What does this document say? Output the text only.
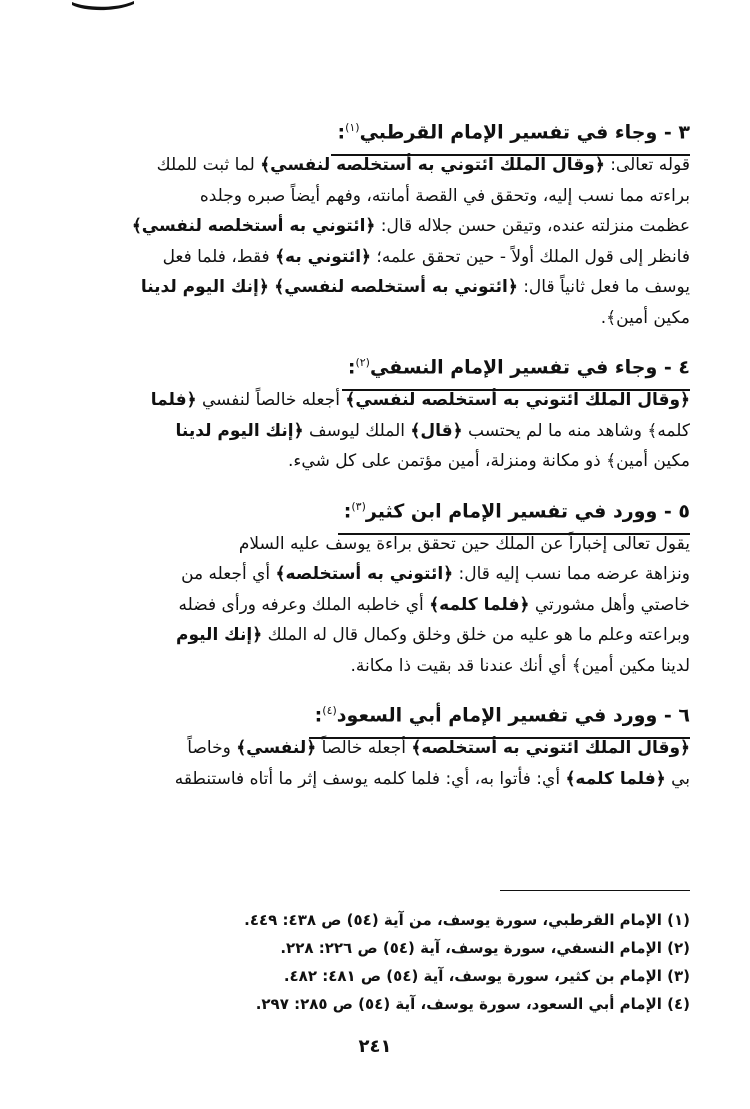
٣ - وجاء في تفسير الإمام القرطبي$^{(١)}$:

قوله تعالى: ﴿وقال الملك ائتوني به أستخلصه لنفسي﴾ لما ثبت للملك
براءته مما نسب إليه، وتحقق في القصة أمانته، وفهم أيضاً صبره وجلده
عظمت منزلته عنده، وتيقن حسن جلاله قال: ﴿ائتوني به أستخلصه لنفسي﴾
فانظر إلى قول الملك أولاً - حين تحقق علمه؛ ﴿ائتوني به﴾ فقط، فلما فعل
يوسف ما فعل ثانياً قال: ﴿ائتوني به أستخلصه لنفسي﴾ ﴿إنك اليوم لدينا
مكين أمين﴾.

٤ - وجاء في تفسير الإمام النسفي$^{(٢)}$:

﴿وقال الملك ائتوني به أستخلصه لنفسي﴾ أجعله خالصاً لنفسي ﴿فلما
كلمه﴾ وشاهد منه ما لم يحتسب ﴿قال﴾ الملك ليوسف ﴿إنك اليوم لدينا
مكين أمين﴾ ذو مكانة ومنزلة، أمين مؤتمن على كل شيء.

٥ - وورد في تفسير الإمام ابن كثير$^{(٣)}$:

يقول تعالى إخباراً عن الملك حين تحقق براءة يوسف عليه السلام
ونزاهة عرضه مما نسب إليه قال: ﴿ائتوني به أستخلصه﴾ أي أجعله من
خاصتي وأهل مشورتي ﴿فلما كلمه﴾ أي خاطبه الملك وعرفه ورأى فضله
وبراعته وعلم ما هو عليه من خلق وخلق وكمال قال له الملك ﴿إنك اليوم
لدينا مكين أمين﴾ أي أنك عندنا قد بقيت ذا مكانة.

٦ - وورد في تفسير الإمام أبي السعود$^{(٤)}$:

﴿وقال الملك ائتوني به أستخلصه﴾ أجعله خالصاً ﴿لنفسي﴾ وخاصاً
بي ﴿فلما كلمه﴾ أي: فأتوا به، أي: فلما كلمه يوسف إثر ما أتاه فاستنطقه

(١) الإمام القرطبي، سورة يوسف، من آية (٥٤) ص ٤٣٨: ٤٤٩.
(٢) الإمام النسفي، سورة يوسف، آية (٥٤) ص ٢٢٦: ٢٢٨.
(٣) الإمام بن كثير، سورة يوسف، آية (٥٤) ص ٤٨١: ٤٨٢.
(٤) الإمام أبي السعود، سورة يوسف، آية (٥٤) ص ٢٨٥: ٢٩٧.
٢٤١
